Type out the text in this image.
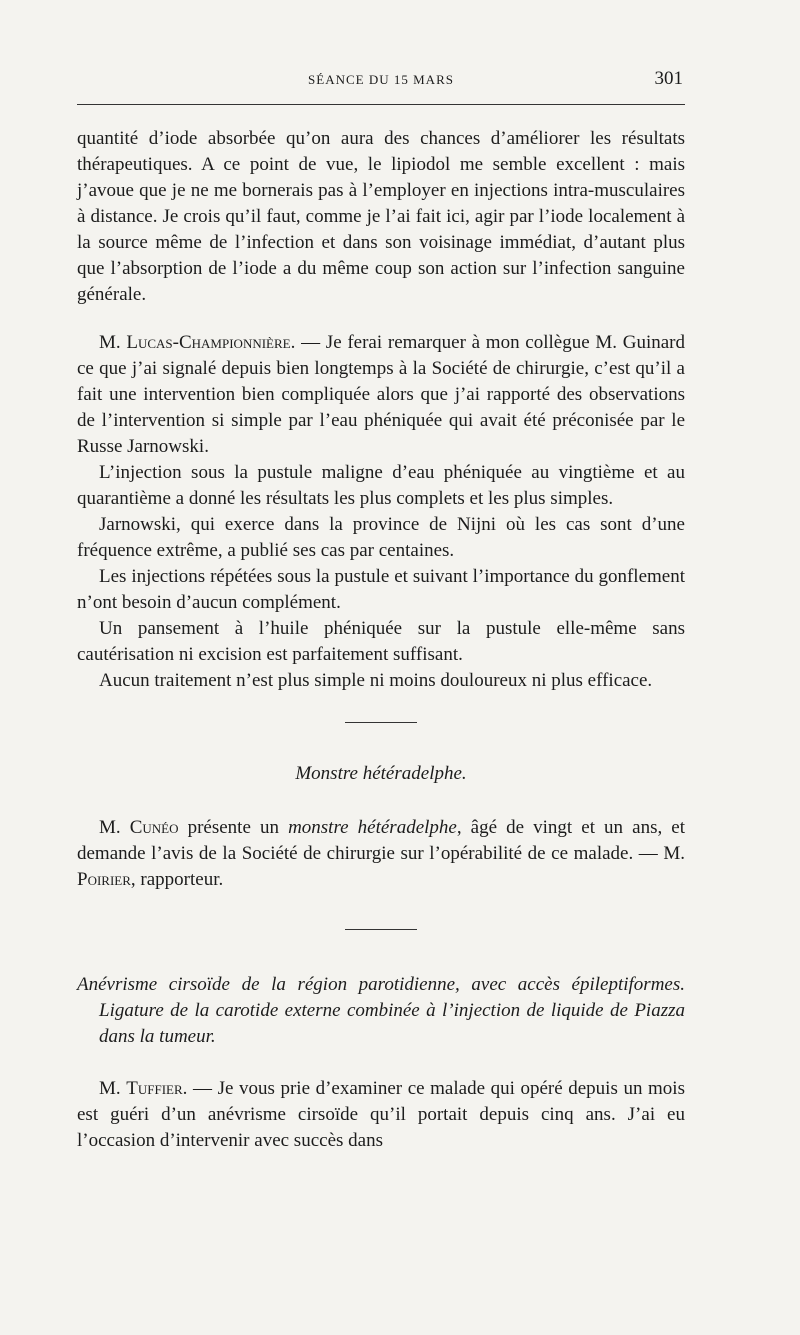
SÉANCE DU 15 MARS	301

quantité d’iode absorbée qu’on aura des chances d’améliorer les résultats thérapeutiques. A ce point de vue, le lipiodol me semble excellent : mais j’avoue que je ne me bornerais pas à l’employer en injections intra-musculaires à distance. Je crois qu’il faut, comme je l’ai fait ici, agir par l’iode localement à la source même de l’infection et dans son voisinage immédiat, d’autant plus que l’absorption de l’iode a du même coup son action sur l’infection sanguine générale.

M. Lucas-Championnière. — Je ferai remarquer à mon collègue M. Guinard ce que j’ai signalé depuis bien longtemps à la Société de chirurgie, c’est qu’il a fait une intervention bien compliquée alors que j’ai rapporté des observations de l’intervention si simple par l’eau phéniquée qui avait été préconisée par le Russe Jarnowski.

L’injection sous la pustule maligne d’eau phéniquée au vingtième et au quarantième a donné les résultats les plus complets et les plus simples.

Jarnowski, qui exerce dans la province de Nijni où les cas sont d’une fréquence extrême, a publié ses cas par centaines.

Les injections répétées sous la pustule et suivant l’importance du gonflement n’ont besoin d’aucun complément.

Un pansement à l’huile phéniquée sur la pustule elle-même sans cautérisation ni excision est parfaitement suffisant.

Aucun traitement n’est plus simple ni moins douloureux ni plus efficace.

Monstre hétéradelphe.

M. Cunéo présente un monstre hétéradelphe, âgé de vingt et un ans, et demande l’avis de la Société de chirurgie sur l’opérabilité de ce malade. — M. Poirier, rapporteur.

Anévrisme cirsoïde de la région parotidienne, avec accès épileptiformes. Ligature de la carotide externe combinée à l’injection de liquide de Piazza dans la tumeur.

M. Tuffier. — Je vous prie d’examiner ce malade qui opéré depuis un mois est guéri d’un anévrisme cirsoïde qu’il portait depuis cinq ans. J’ai eu l’occasion d’intervenir avec succès dans
